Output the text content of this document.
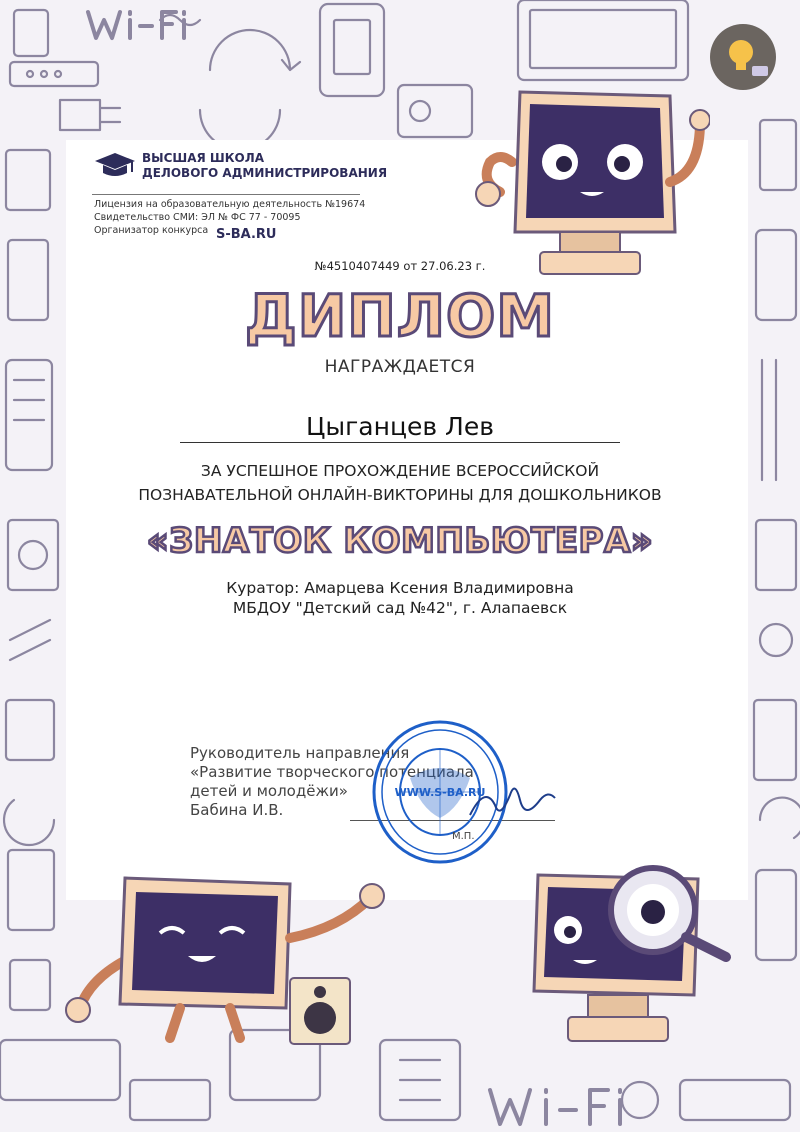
ВЫСШАЯ ШКОЛА
ДЕЛОВОГО АДМИНИСТРИРОВАНИЯ
Лицензия на образовательную деятельность №19674
Свидетельство СМИ: ЭЛ № ФС 77 - 70095
Организатор конкурса S-BA.RU
№4510407449 от 27.06.23 г.
ДИПЛОМ
НАГРАЖДАЕТСЯ
Цыганцев Лев
ЗА УСПЕШНОЕ ПРОХОЖДЕНИЕ ВСЕРОССИЙСКОЙ
ПОЗНАВАТЕЛЬНОЙ ОНЛАЙН-ВИКТОРИНЫ ДЛЯ ДОШКОЛЬНИКОВ
«ЗНАТОК КОМПЬЮТЕРА»
Куратор: Амарцева Ксения Владимировна
МБДОУ "Детский сад №42", г. Алапаевск
Руководитель направления
«Развитие творческого потенциала
детей и молодёжи»
Бабина И.В.
WWW.S-BA.RU
М.П.
